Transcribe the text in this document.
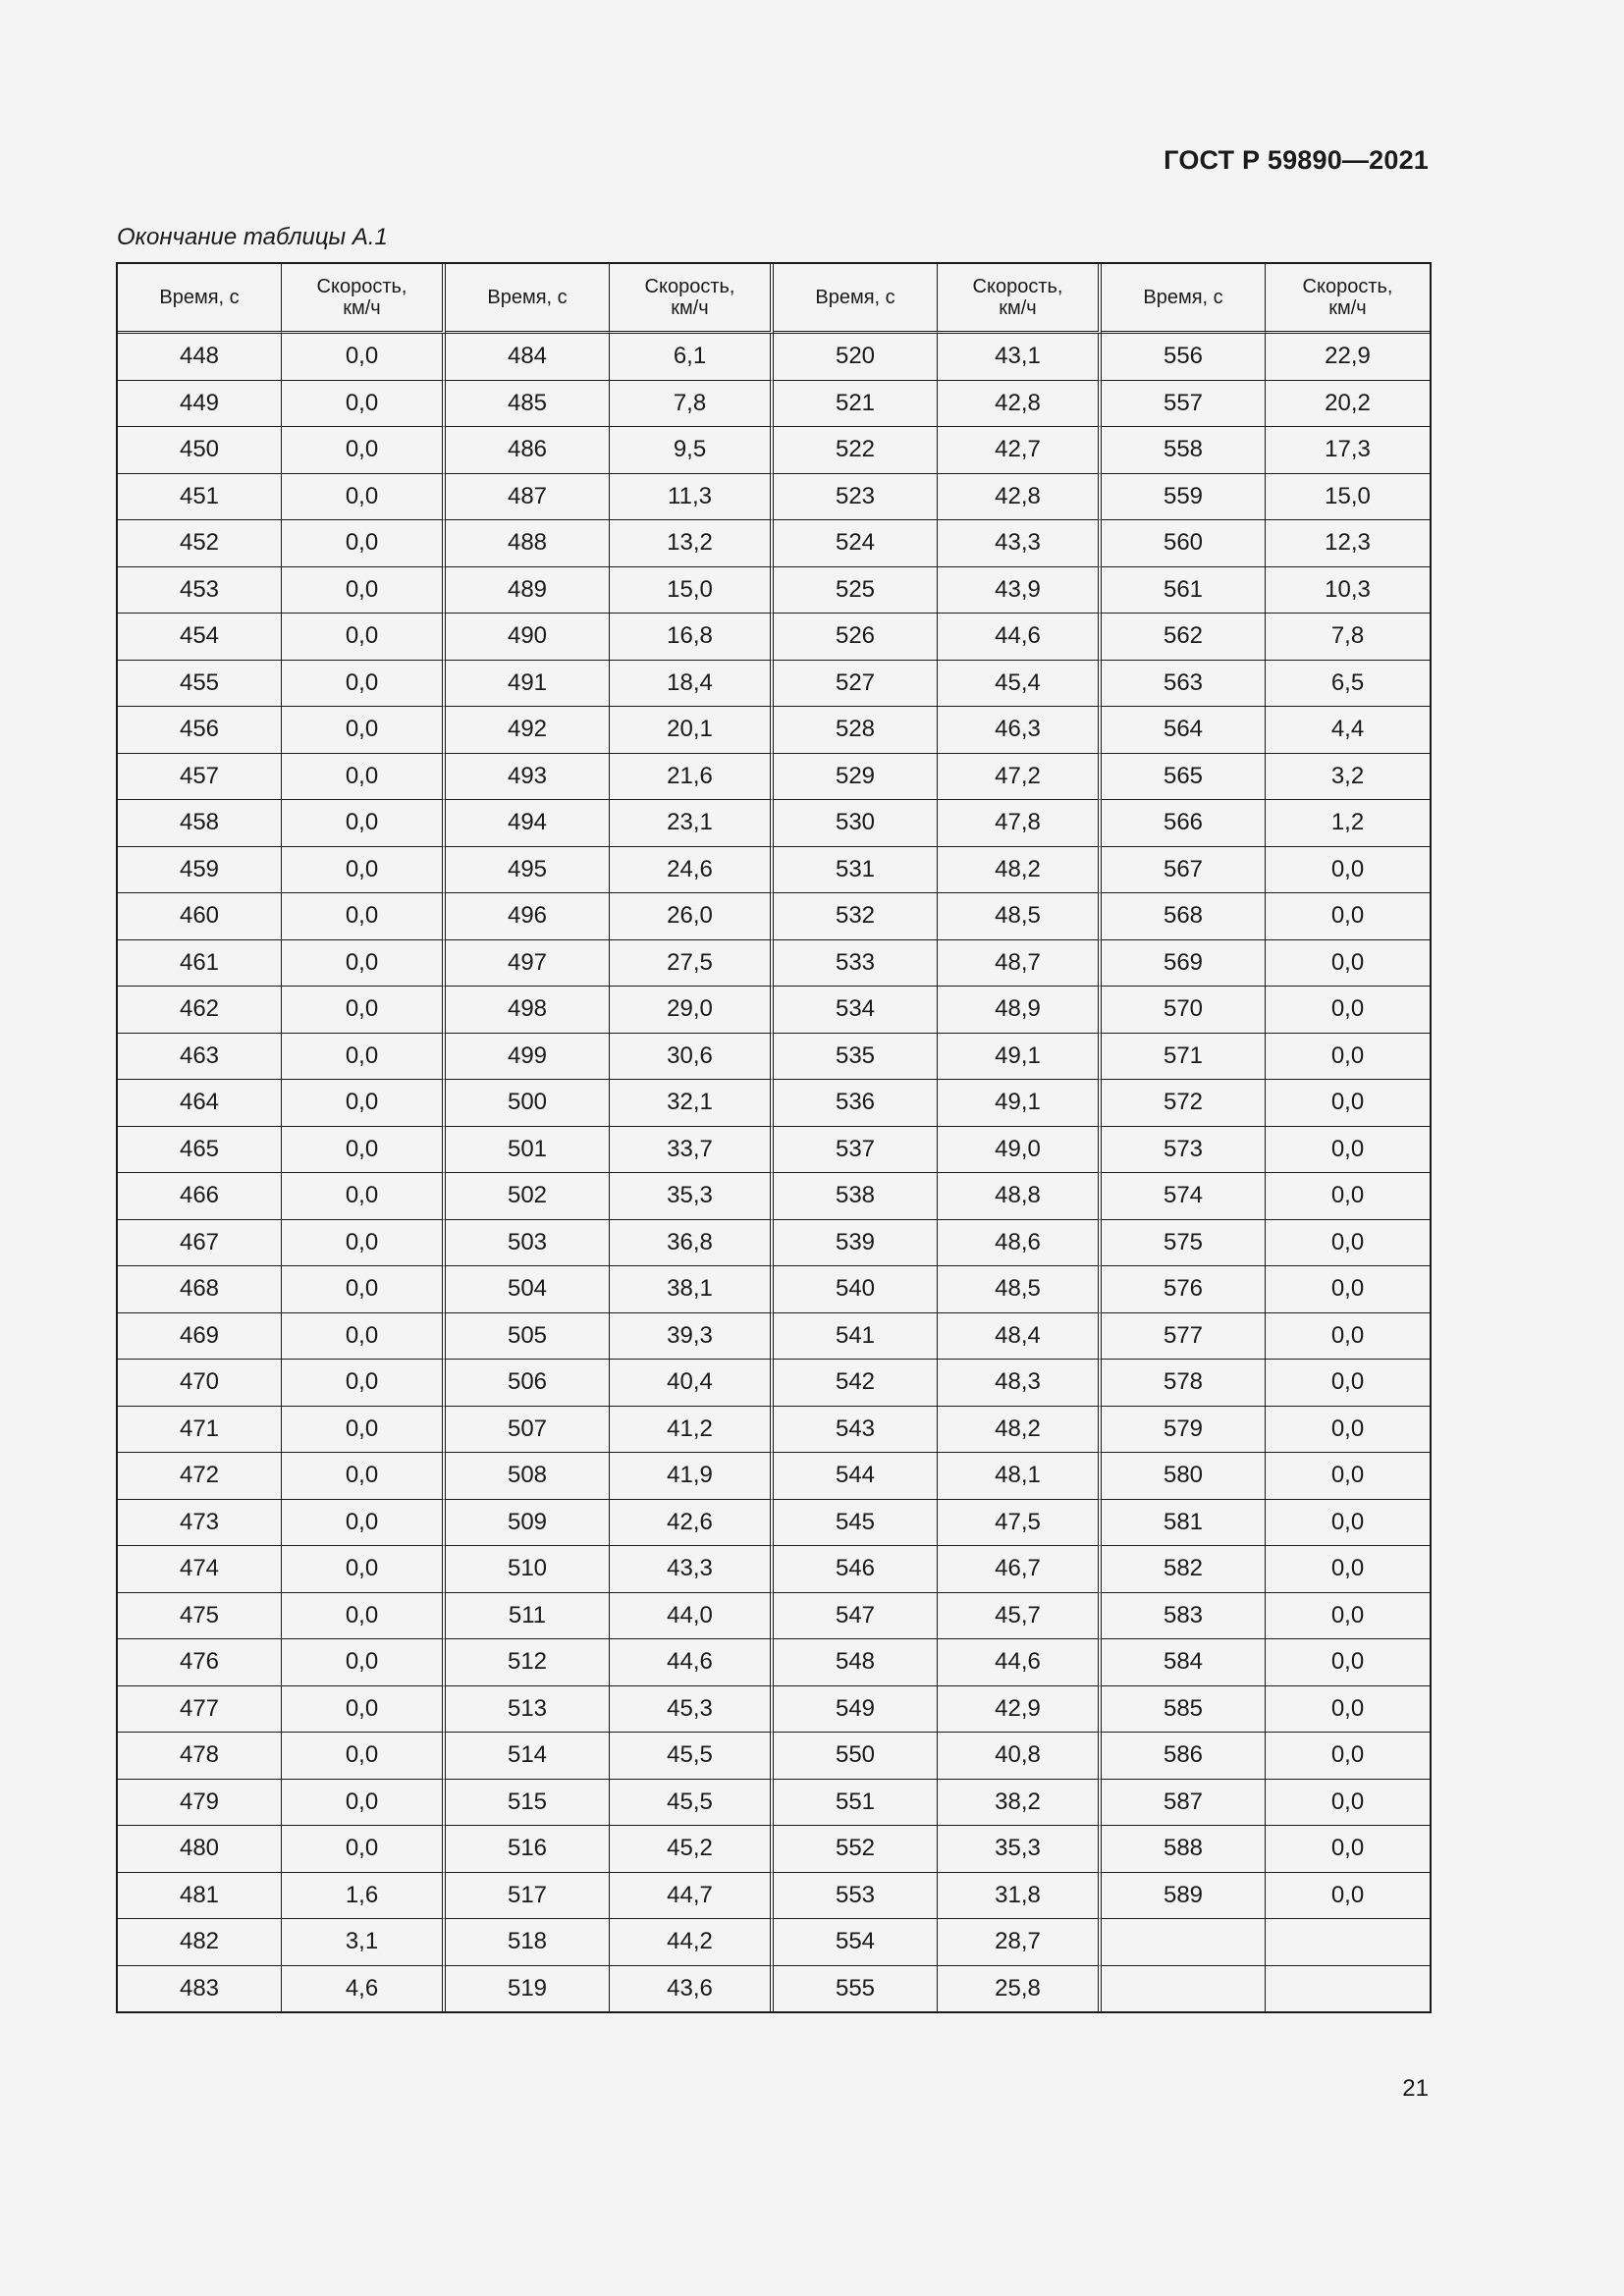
ГОСТ Р 59890—2021
Окончание таблицы А.1
Время, с	Скорость,
км/ч	Время, с	Скорость,
км/ч	Время, с	Скорость,
км/ч	Время, с	Скорость,
км/ч
448	0,0	484	6,1	520	43,1	556	22,9
449	0,0	485	7,8	521	42,8	557	20,2
450	0,0	486	9,5	522	42,7	558	17,3
451	0,0	487	11,3	523	42,8	559	15,0
452	0,0	488	13,2	524	43,3	560	12,3
453	0,0	489	15,0	525	43,9	561	10,3
454	0,0	490	16,8	526	44,6	562	7,8
455	0,0	491	18,4	527	45,4	563	6,5
456	0,0	492	20,1	528	46,3	564	4,4
457	0,0	493	21,6	529	47,2	565	3,2
458	0,0	494	23,1	530	47,8	566	1,2
459	0,0	495	24,6	531	48,2	567	0,0
460	0,0	496	26,0	532	48,5	568	0,0
461	0,0	497	27,5	533	48,7	569	0,0
462	0,0	498	29,0	534	48,9	570	0,0
463	0,0	499	30,6	535	49,1	571	0,0
464	0,0	500	32,1	536	49,1	572	0,0
465	0,0	501	33,7	537	49,0	573	0,0
466	0,0	502	35,3	538	48,8	574	0,0
467	0,0	503	36,8	539	48,6	575	0,0
468	0,0	504	38,1	540	48,5	576	0,0
469	0,0	505	39,3	541	48,4	577	0,0
470	0,0	506	40,4	542	48,3	578	0,0
471	0,0	507	41,2	543	48,2	579	0,0
472	0,0	508	41,9	544	48,1	580	0,0
473	0,0	509	42,6	545	47,5	581	0,0
474	0,0	510	43,3	546	46,7	582	0,0
475	0,0	511	44,0	547	45,7	583	0,0
476	0,0	512	44,6	548	44,6	584	0,0
477	0,0	513	45,3	549	42,9	585	0,0
478	0,0	514	45,5	550	40,8	586	0,0
479	0,0	515	45,5	551	38,2	587	0,0
480	0,0	516	45,2	552	35,3	588	0,0
481	1,6	517	44,7	553	31,8	589	0,0
482	3,1	518	44,2	554	28,7		
483	4,6	519	43,6	555	25,8		
21
